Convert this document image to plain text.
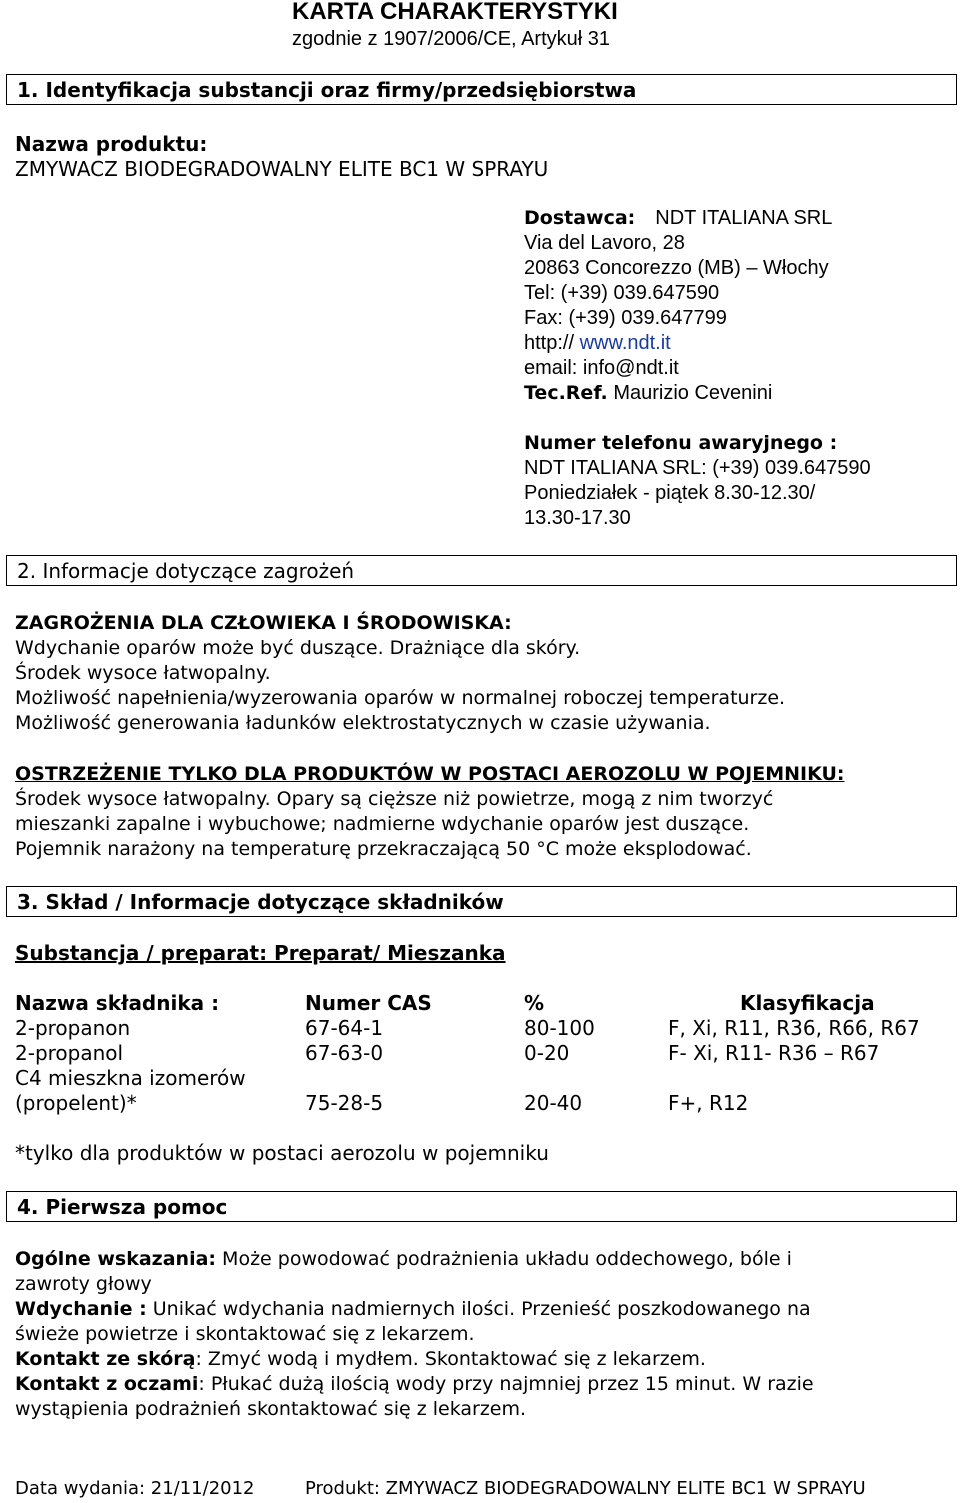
KARTA CHARAKTERYSTYKI
zgodnie z 1907/2006/CE, Artykuł 31
1. Identyfikacja substancji oraz firmy/przedsiębiorstwa
Nazwa produktu:
ZMYWACZ BIODEGRADOWALNY ELITE BC1 W SPRAYU
Dostawca: NDT ITALIANA SRL
Via del Lavoro, 28
20863 Concorezzo (MB) – Włochy
Tel: (+39) 039.647590
Fax: (+39) 039.647799
http:// www.ndt.it
email: info@ndt.it
Tec.Ref. Maurizio Cevenini
Numer telefonu awaryjnego :
NDT ITALIANA SRL: (+39) 039.647590
Poniedziałek - piątek 8.30-12.30/
13.30-17.30
2. Informacje dotyczące zagrożeń
ZAGROŻENIA DLA CZŁOWIEKA I ŚRODOWISKA:
Wdychanie oparów może być duszące. Drażniące dla skóry.
Środek wysoce łatwopalny.
Możliwość napełnienia/wyzerowania oparów w normalnej roboczej temperaturze.
Możliwość generowania ładunków elektrostatycznych w czasie używania.
OSTRZEŻENIE TYLKO DLA PRODUKTÓW W POSTACI AEROZOLU W POJEMNIKU:
Środek wysoce łatwopalny. Opary są cięższe niż powietrze, mogą z nim tworzyć
mieszanki zapalne i wybuchowe; nadmierne wdychanie oparów jest duszące.
Pojemnik narażony na temperaturę przekraczającą 50 °C może eksplodować.
3. Skład / Informacje dotyczące składników
Substancja / preparat: Preparat/ Mieszanka
Nazwa składnika :	Numer CAS	%	Klasyfikacja
2-propanon	67-64-1	80-100	F, Xi, R11, R36, R66, R67
2-propanol	67-63-0	0-20	F- Xi, R11- R36 – R67
C4 mieszkna izomerów
(propelent)*	75-28-5	20-40	F+, R12
*tylko dla produktów w postaci aerozolu w pojemniku
4. Pierwsza pomoc
Ogólne wskazania: Może powodować podrażnienia układu oddechowego, bóle i
zawroty głowy
Wdychanie : Unikać wdychania nadmiernych ilości. Przenieść poszkodowanego na
świeże powietrze i skontaktować się z lekarzem.
Kontakt ze skórą: Zmyć wodą i mydłem. Skontaktować się z lekarzem.
Kontakt z oczami: Płukać dużą ilością wody przy najmniej przez 15 minut. W razie
wystąpienia podrażnień skontaktować się z lekarzem.
Data wydania: 21/11/2012	Produkt: ZMYWACZ BIODEGRADOWALNY ELITE BC1 W SPRAYU
